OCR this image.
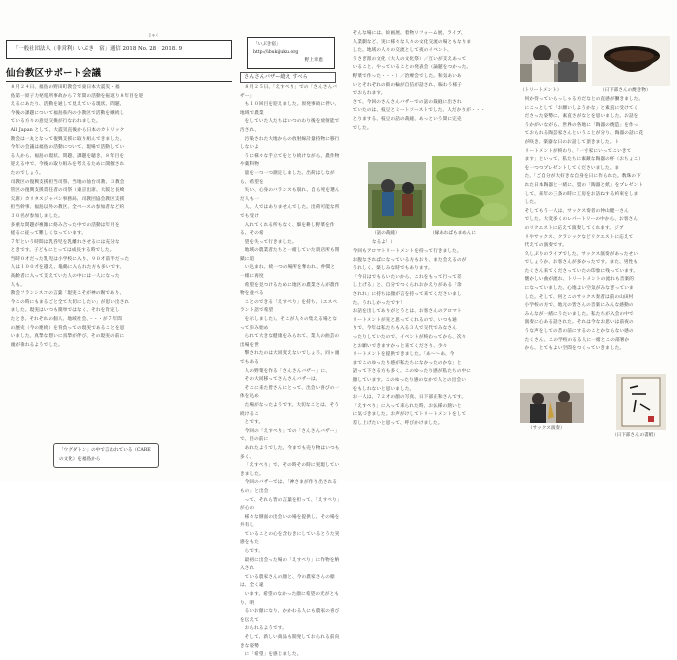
じゅく
「一般社団法人（非営利）いぶき　宿」通信 2018 No. 28　2018. 9
「いぶき宿」
http://ibukijuku.org
野上幸恵
仙台教区サポート会議	さんさんバザー縫え すべら

８月２４日、福島の野田町教会で東日本大震災・福

島第一原子力発電所事故から７年間の活動を振返り８年目を迎

えるにあたり、活動を通して見えている現状、問題、

今後の課題について福島県内の小教区で活動を継続し

ている方々の意見交換が行なわれました。

All Japan として、大震災直後から日本のカトリック

教会は一丸となって復興支援に取り組んできました。

今年の会議は福島の活動について、現場で活動してい

る人から、福島の現状、問題、課題を聴き、８年目を

迎える中で、今後の取り組みを考えるために開催され

たのでしょう。

司教区の復興支援担当司祭、当地の仙台司教、３教会

管区の復興支援責任者の司祭（東京出席、大阪と長崎

欠席）カリタスジャパン事務局、司教団協会教区支援

担当幹事、福島以外の教区、全ベースの参加者など約

３０名が参加しました。

多重な問題が複雑に絡み合った中での活動は年月を

経るに従って難しくなっています。

７年という時間は乳呑児を乳離れさせるには充分な

ときです。子どもにとっては成長する時でした。

当時０才だった乳児は小学校に入り、９０才前半だった

人は１００才を越え、亀鶴に入られた方も多いです。

高齢者に入って支えていた人の中には一人になった

人も。

教会フランシスコの言葉「現実こそが神の賜であり、

今この時にもまるごと全て大切にしたい」が思い出され

ました。現実はいつも簡単ではなく、それを肯定し

たとき、それぞれの個人、地域社会、・・・が７年間

の歴史（今の連続）を背負っての現実であることを思

いました。真摯な想いに真摯が伴び、その現実の前に

頭が垂れるようでした。

「ウグダトン」の中で言われている（CARE の文化）を福島から

８月２５日、「えすぺり」での「さんさんバザー」

も１０回目を迎えました。原発事故に伴い、地域で農業

をしていた人たちはいつのわり後を放射能で汚され、

汚染された大地からの放射線計量持物に移行しないよ

うに様々な手立てをとり続けながら、農作物や薬科物

量を一つ一つ測定しました。出荷はしながら、希望を

失い、心身のバランスも崩れ、自ら死を選んだ人も一

人、人ではありませんでした。出荷可能な所でも受け

入れてくれる所もなく、畑を耕し野菜を作る、その希

望を失って行きました。

地域の農業者たちと一緒していた貴店所も閉鎖に追

い込まれ、続一つの場所を奪われ、仲間と一緒に再度

希望を見つけるために地区の農業さんが農作物を並べる

ことのできる「えすぺり」を持ち、（エスペラント語で希望

を示しました）。そこが人々の集える場となって歩み始め

られて大きな健康をみられて、業人の曲芸の出場を世

撃されたのは大同変えないでしょう。同ヶ頭でもある

人の野菜を作る「さんさんバザー」に、

その大同移ってさんさんバザーは、

そこに来た皆さんにとって、出会い喜びの一体を込め

た場がなったようです。大切なことは、そう続けるこ

とです。

今回の「えすぺり」での「さんさんバザー」で、目の前に

あれたようでした。今までも売り物はいつも多く、

「えすぺり」で、その時その時に実現していきました。

今回のバザーでは、「神さまが作り出されるもの」と出会

って、それら皆の言葉を担って、「えすぺり」が心の

様々な側面の出会いの場を提供し、その場を共有し

ていることの心を含むきにしているとうた実感をもた

らです。

最初に出会った場の「えすぺり」に作物を納入され

ている農家さんの顔と、今の農家さんの顔は、全く違

います。希望のなかった顔に希望の光がともり、明

るいお顔になり、かかわる人にも農家の喜びを伝えて

おられるようです。

そして、新しい商品も開発しておられる前向きな姿勢

に「希望」を感じました。

そんな場には、絵画展、着物リフォーム展、ライブ、

人業劇など、実に様々な人々の文化交流の場ともなりま

した。地域の人々の交流として夜のイベント、

うさぎ派の文化（大人の文化祭）／互いが支えあって

いること、やっていることの発表会（論題をつかった。

野菜で作った・・・）／治療会でした。和気あいあ

いとそれぞれの街の輪が自信が話され、賑わう様子

でおられます。

さて、今回のさんさんバザーでの話の裁縫に出され

ていたのは、枝豆とミートソーストでした。人だかりが・・・

とりまする、枝豆の話の裁縫、あっという間に完売

でした。

（話の裁縫）	（縁あればもまめんに
なるよ！）

今回もアロマトリートメントを持って行きました。

お腹なさればになっている方もおり、また会えるのが

うれしく、楽しみな時でもあります。

「今日はでもらいたいから、これをもって行って差

し上げる」と、自分でつくられおかえりがある「余

されれ」に持ちは顔が言を持って来てくださいまし

た。うれしかったです！

お話を出してありがとうとは、お客さんのアロマト

リートメントが先と思ってくれるので、いつも通

りで、今年は私たちも入る３人で交代でみなさん

ったりしていたので、イベントが終わってから、次々

とお願いできますかっと来てくださり、少々

リートメントを提供できました。「あ～～あ、今

までこのゆったり感が私たちになかったのかな」と

語って下さる方も多く、このゆったり感が私たちの中に

顔しています。このゆったり感のなかで人との出会い

をもしれないと思いました。

お一人は、７２才の顔の写真、日下部正和さんです。

「えすぺり」に入って来られた時、お仏様の熱いと

に気づきました。お声がけしてトリートメントをして

差し上げたいと思って、呼びかけました。

（トリートメント）	（日下部さんの焼き物）

何か待っていらっしゃる方だなとの直感が働きました。

にこっとして「お願いしようかな」と素直に受けてく

ださった姿勢に、素直さがなとを思いました。お話を

うかがいながら、世界の各地に「陶器の焼造」を作っ

ておられる陶芸家さんということが分り、陶器の話に花

が咲き、楽器な日のお話して頂きました。ト

リートメントが終わり、「一寸家にいってこいきて

ます」といって、私たちに素敵な陶器の杯（おちょこ）

を一つつプレゼントしてくださいました。ま

た、「ご自分が大好きな自身を日に作られた。数珠の下

れた日本陶器と一緒に、畳の「陶器と紙」をプレゼント

して、来年の三条の時に工房をお訪ねする約束をしま

した。

そしてもう一人は、サックス奏者の仲山健一さん

でした。大変多くのレパートリーの中から、お客さん

のリクエストに応えて演奏してくれます。ジブ

リやサックス、クラシックなどリクエストに応えて

代えての演奏です。

久しぶりのライブでした。サックス演奏があったせい

でしょうか、お客さんが多かったです。また、男性も

たくさん来てくださっていたの印象に残っています。

懐かしい曲が流れ、トリートメントの流れも音楽的

になっていました。心地よい空気がみなぎっていま

した。そして、何とこのサックス奏者は前の山田村

小学校の方で、地元の皆さんの音楽にみんな感動の

みんなが一緒にうたいました。私たちが入会の中で

演奏に心ある話された。それは今なお思いは前夜の

うな声をしての昔の前にするのことかならない感の

たくさん、この学校のるる人に一緒とこの部署か

から、とてもよい空間をつくっていきました。

（サックス演奏）
（日下部さんの書紙）
